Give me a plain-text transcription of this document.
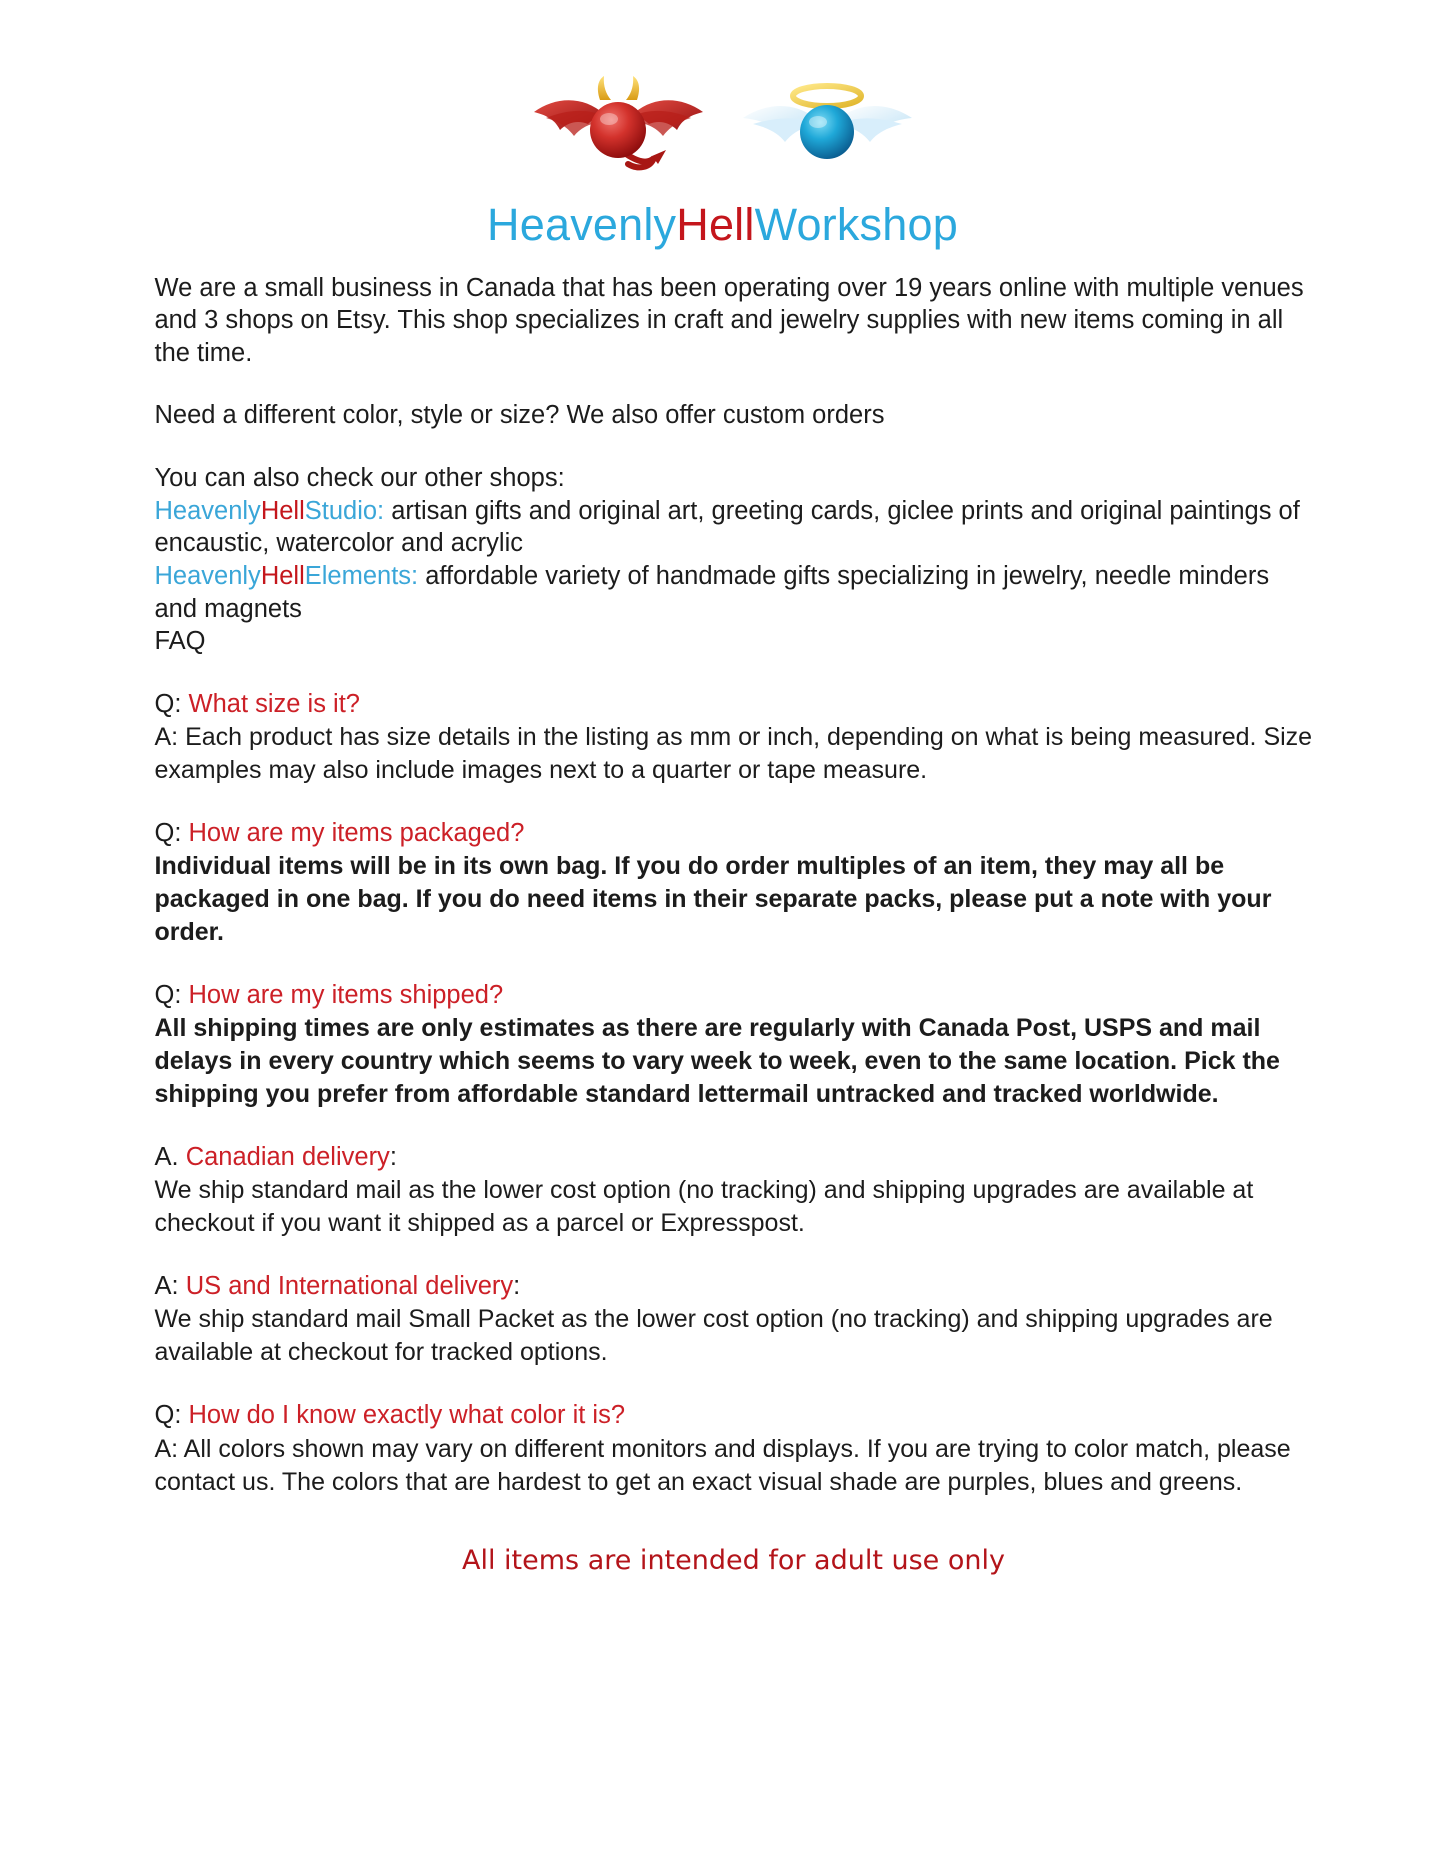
HeavenlyHellWorkshop

We are a small business in Canada that has been operating over 19 years online with multiple venues and 3 shops on Etsy. This shop specializes in craft and jewelry supplies with new items coming in all the time.

Need a different color, style or size? We also offer custom orders

You can also check our other shops:

HeavenlyHellStudio: artisan gifts and original art, greeting cards, giclee prints and original paintings of encaustic, watercolor and acrylic

HeavenlyHellElements: affordable variety of handmade gifts specializing in jewelry, needle minders and magnets

FAQ

Q: What size is it?

A: Each product has size details in the listing as mm or inch, depending on what is being measured. Size examples may also include images next to a quarter or tape measure.

Q: How are my items packaged?

Individual items will be in its own bag. If you do order multiples of an item, they may all be packaged in one bag. If you do need items in their separate packs, please put a note with your order.

Q: How are my items shipped?

All shipping times are only estimates as there are regularly with Canada Post, USPS and mail delays in every country which seems to vary week to week, even to the same location. Pick the shipping you prefer from affordable standard lettermail untracked and tracked worldwide.

A. Canadian delivery:

We ship standard mail as the lower cost option (no tracking) and shipping upgrades are available at checkout if you want it shipped as a parcel or Expresspost.

A: US and International delivery:

We ship standard mail Small Packet as the lower cost option (no tracking) and shipping upgrades are available at checkout for tracked options.

Q: How do I know exactly what color it is?

A: All colors shown may vary on different monitors and displays. If you are trying to color match, please contact us. The colors that are hardest to get an exact visual shade are purples, blues and greens.

All items are intended for adult use only
